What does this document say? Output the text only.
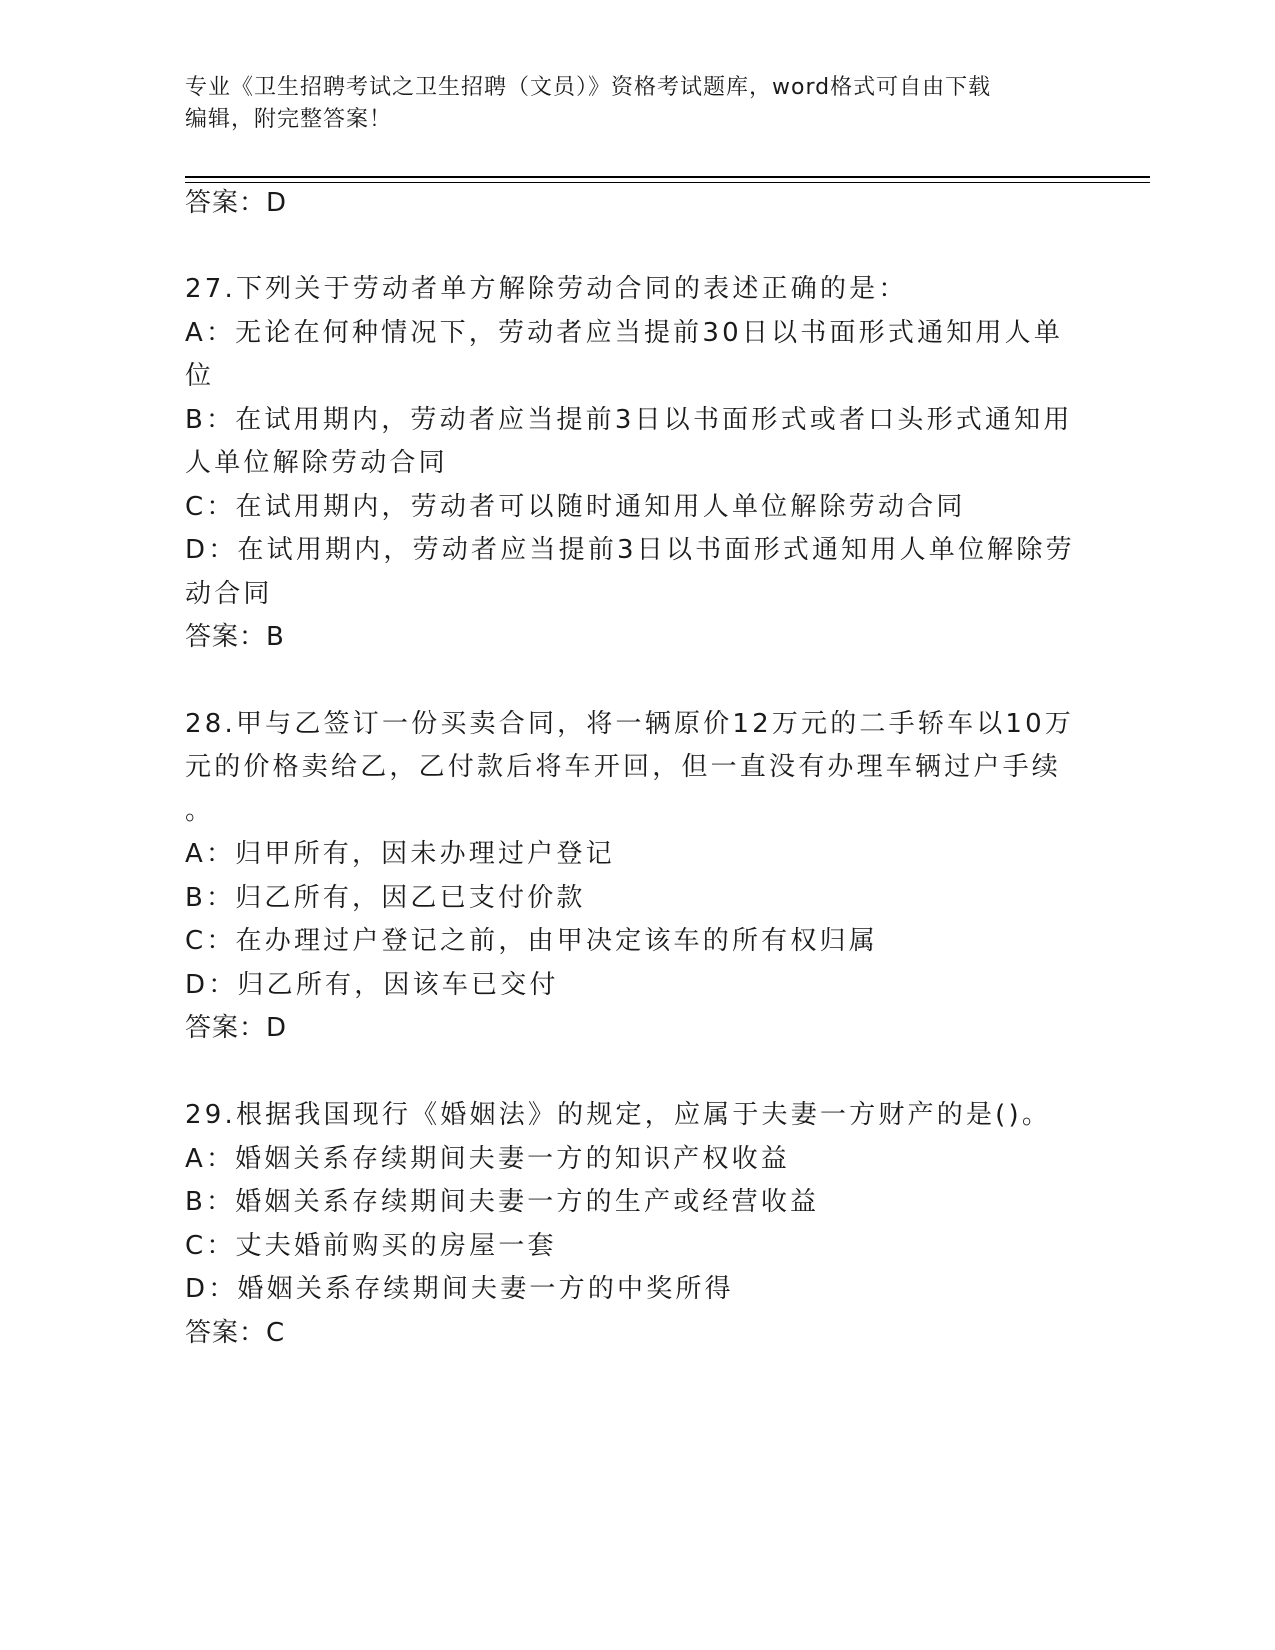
专业《卫生招聘考试之卫生招聘（文员）》资格考试题库，word格式可自由下载
编辑，附完整答案！
答案：D
27.下列关于劳动者单方解除劳动合同的表述正确的是：
A：无论在何种情况下，劳动者应当提前30日以书面形式通知用人单
位
B：在试用期内，劳动者应当提前3日以书面形式或者口头形式通知用
人单位解除劳动合同
C：在试用期内，劳动者可以随时通知用人单位解除劳动合同
D：在试用期内，劳动者应当提前3日以书面形式通知用人单位解除劳
动合同
答案：B
28.甲与乙签订一份买卖合同，将一辆原价12万元的二手轿车以10万
元的价格卖给乙，乙付款后将车开回，但一直没有办理车辆过户手续
。
A：归甲所有，因未办理过户登记
B：归乙所有，因乙已支付价款
C：在办理过户登记之前，由甲决定该车的所有权归属
D：归乙所有，因该车已交付
答案：D
29.根据我国现行《婚姻法》的规定，应属于夫妻一方财产的是()。
A：婚姻关系存续期间夫妻一方的知识产权收益
B：婚姻关系存续期间夫妻一方的生产或经营收益
C：丈夫婚前购买的房屋一套
D：婚姻关系存续期间夫妻一方的中奖所得
答案：C
